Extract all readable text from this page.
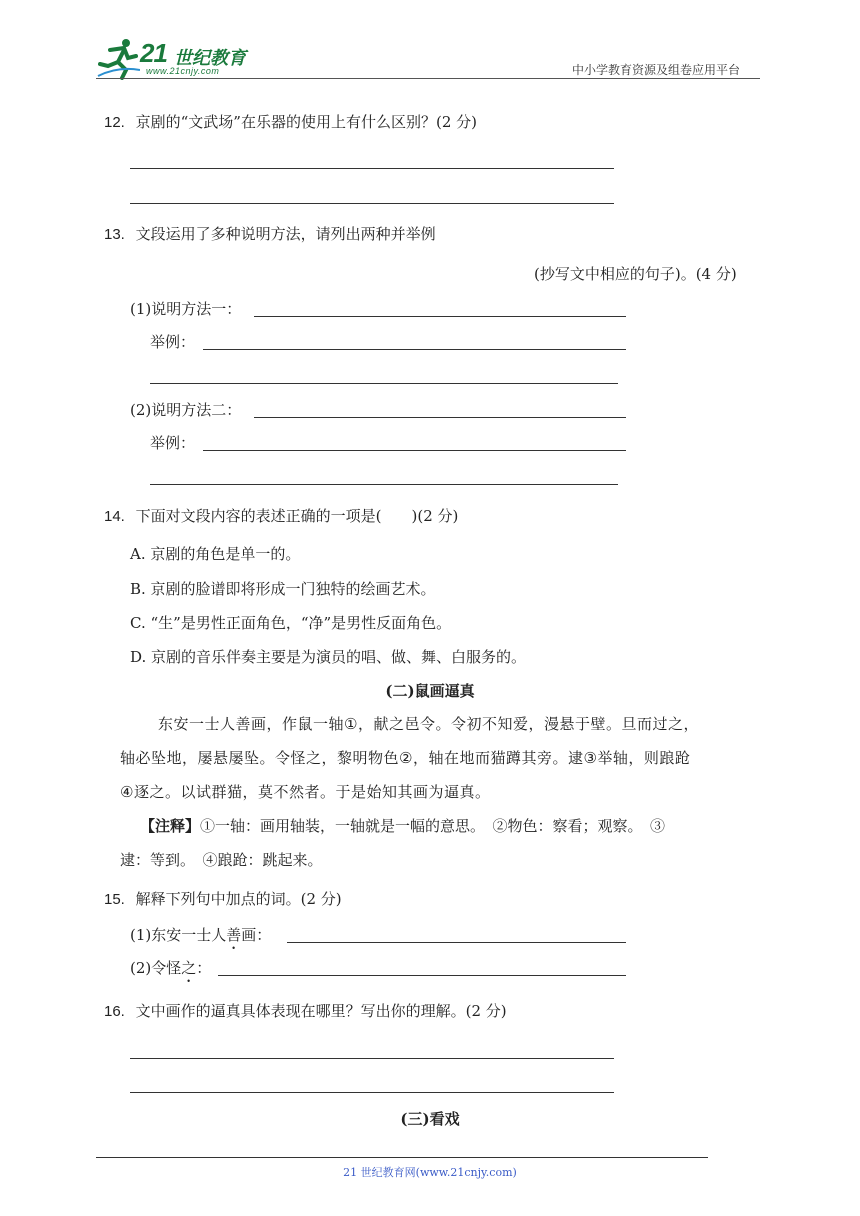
21 世纪教育
www.21cnjy.com	中小学教育资源及组卷应用平台
12. 京剧的“文武场”在乐器的使用上有什么区别？(2 分)
13. 文段运用了多种说明方法，请列出两种并举例
(抄写文中相应的句子)。(4 分)
(1)说明方法一：
举例：
(2)说明方法二：
举例：
14. 下面对文段内容的表述正确的一项是(　　)(2 分)
A. 京剧的角色是单一的。
B. 京剧的脸谱即将形成一门独特的绘画艺术。
C. “生”是男性正面角色，“净”是男性反面角色。
D. 京剧的音乐伴奏主要是为演员的唱、做、舞、白服务的。
(二)鼠画逼真
东安一士人善画，作鼠一轴①，献之邑令。令初不知爱，漫悬于壁。旦而过之，
轴必坠地，屡悬屡坠。令怪之，黎明物色②，轴在地而猫蹲其旁。逮③举轴，则踉跄
④逐之。以试群猫，莫不然者。于是始知其画为逼真。
【注释】①一轴：画用轴装，一轴就是一幅的意思。　②物色：察看；观察。　③
逮：等到。　④踉跄：跳起来。
15. 解释下列句中加点的词。(2 分)
(1)东安一士人善画：
(2)令怪之：
16. 文中画作的逼真具体表现在哪里？写出你的理解。(2 分)
(三)看戏
21 世纪教育网(www.21cnjy.com)
